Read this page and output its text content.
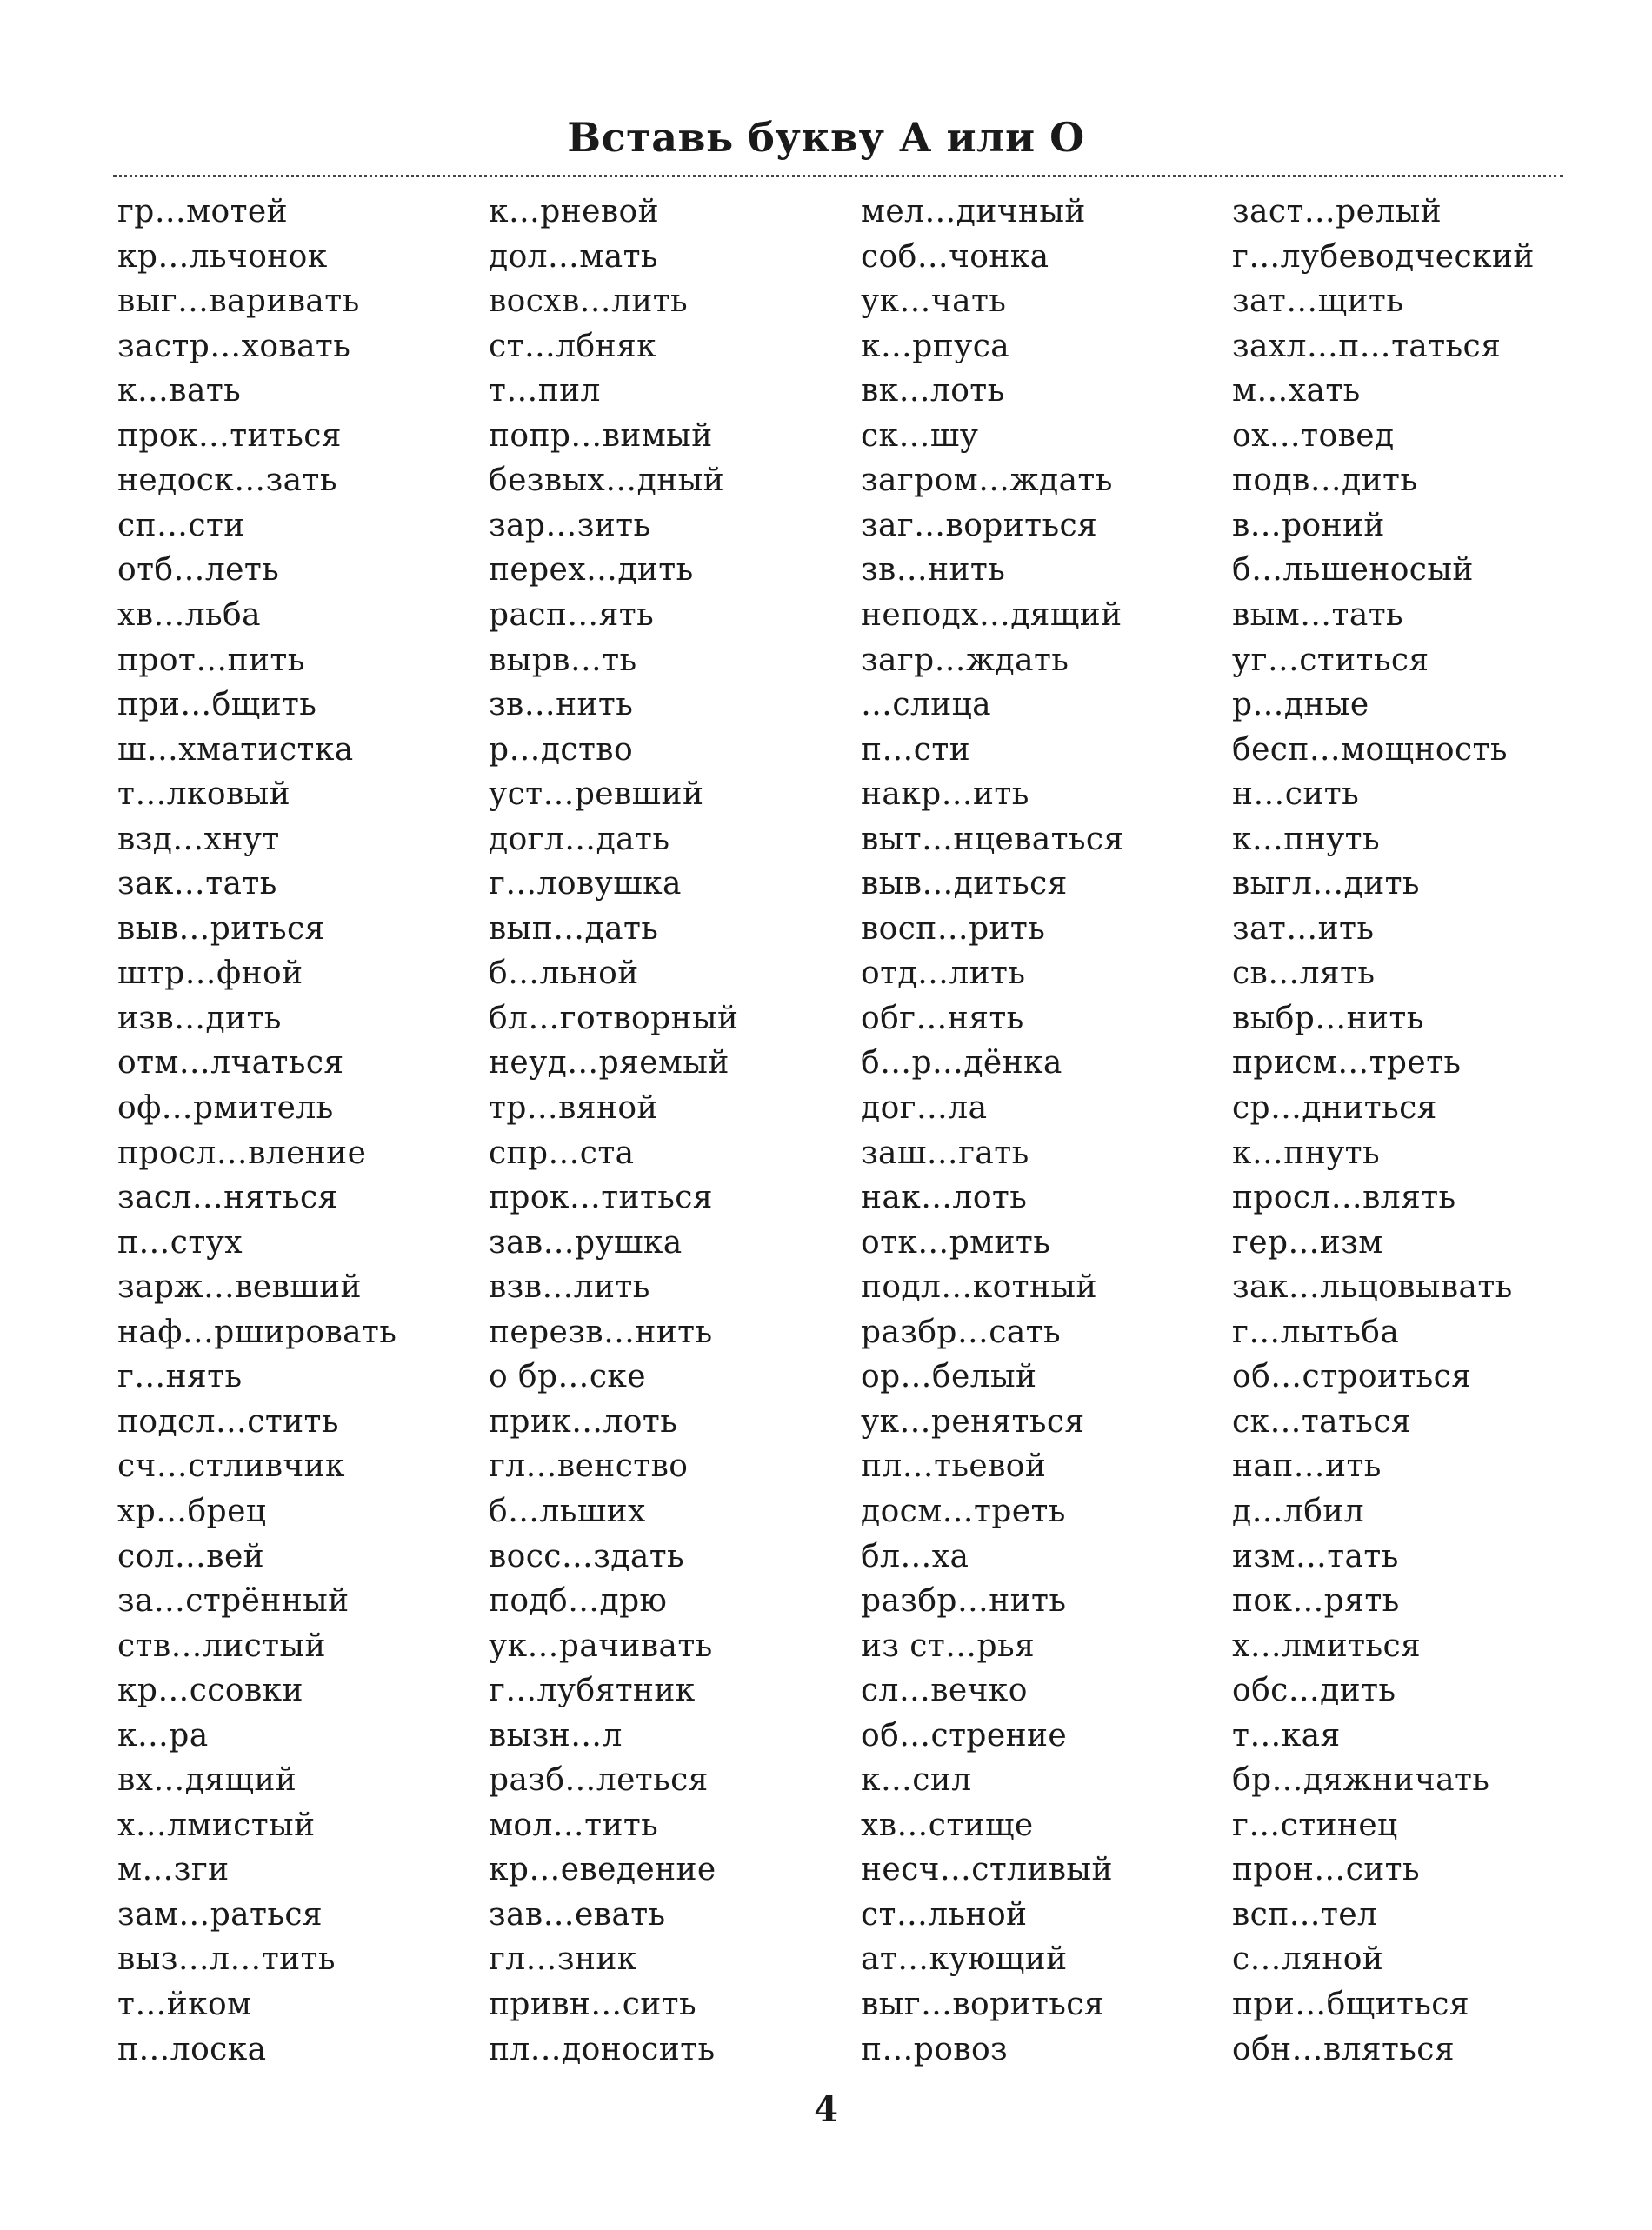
Вставь букву А или О
гр…мотей
кр…льчонок
выг…варивать
застр…ховать
к…вать
прок…титься
недоск…зать
сп…сти
отб…леть
хв…льба
прот…пить
при…бщить
ш…хматистка
т…лковый
взд…хнут
зак…тать
выв…риться
штр…фной
изв…дить
отм…лчаться
оф…рмитель
просл…вление
засл…няться
п…стух
зарж…вевший
наф…ршировать
г…нять
подсл…стить
сч…стливчик
хр…брец
сол…вей
за…стрённый
ств…листый
кр…ссовки
к…ра
вх…дящий
х…лмистый
м…зги
зам…раться
выз…л…тить
т…йком
п…лоска
к…рневой
дол…мать
восхв…лить
ст…лбняк
т…пил
попр…вимый
безвых…дный
зар…зить
перех…дить
расп…ять
вырв…ть
зв…нить
р…дство
уст…ревший
догл…дать
г…ловушка
вып…дать
б…льной
бл…готворный
неуд…ряемый
тр…вяной
спр…ста
прок…титься
зав…рушка
взв…лить
перезв…нить
о бр…ске
прик…лоть
гл…венство
б…льших
восс…здать
подб…дрю
ук…рачивать
г…лубятник
вызн…л
разб…леться
мол…тить
кр…еведение
зав…евать
гл…зник
привн…сить
пл…доносить
мел…дичный
соб…чонка
ук…чать
к…рпуса
вк…лоть
ск…шу
загром…ждать
заг…вориться
зв…нить
неподх…дящий
загр…ждать
…слица
п…сти
накр…ить
выт…нцеваться
выв…диться
восп…рить
отд…лить
обг…нять
б…р…дёнка
дог…ла
заш…гать
нак…лоть
отк…рмить
подл…котный
разбр…сать
ор…белый
ук…реняться
пл…тьевой
досм…треть
бл…ха
разбр…нить
из ст…рья
сл…вечко
об…стрение
к…сил
хв…стище
несч…стливый
ст…льной
ат…кующий
выг…вориться
п…ровоз
заст…релый
г…лубеводческий
зат…щить
захл…п…таться
м…хать
ох…товед
подв…дить
в…роний
б…льшеносый
вым…тать
уг…ститься
р…дные
бесп…мощность
н…сить
к…пнуть
выгл…дить
зат…ить
св…лять
выбр…нить
присм…треть
ср…дниться
к…пнуть
просл…влять
гер…изм
зак…льцовывать
г…лытьба
об…строиться
ск…таться
нап…ить
д…лбил
изм…тать
пок…рять
х…лмиться
обс…дить
т…кая
бр…дяжничать
г…стинец
прон…сить
всп…тел
с…ляной
при…бщиться
обн…вляться
4
